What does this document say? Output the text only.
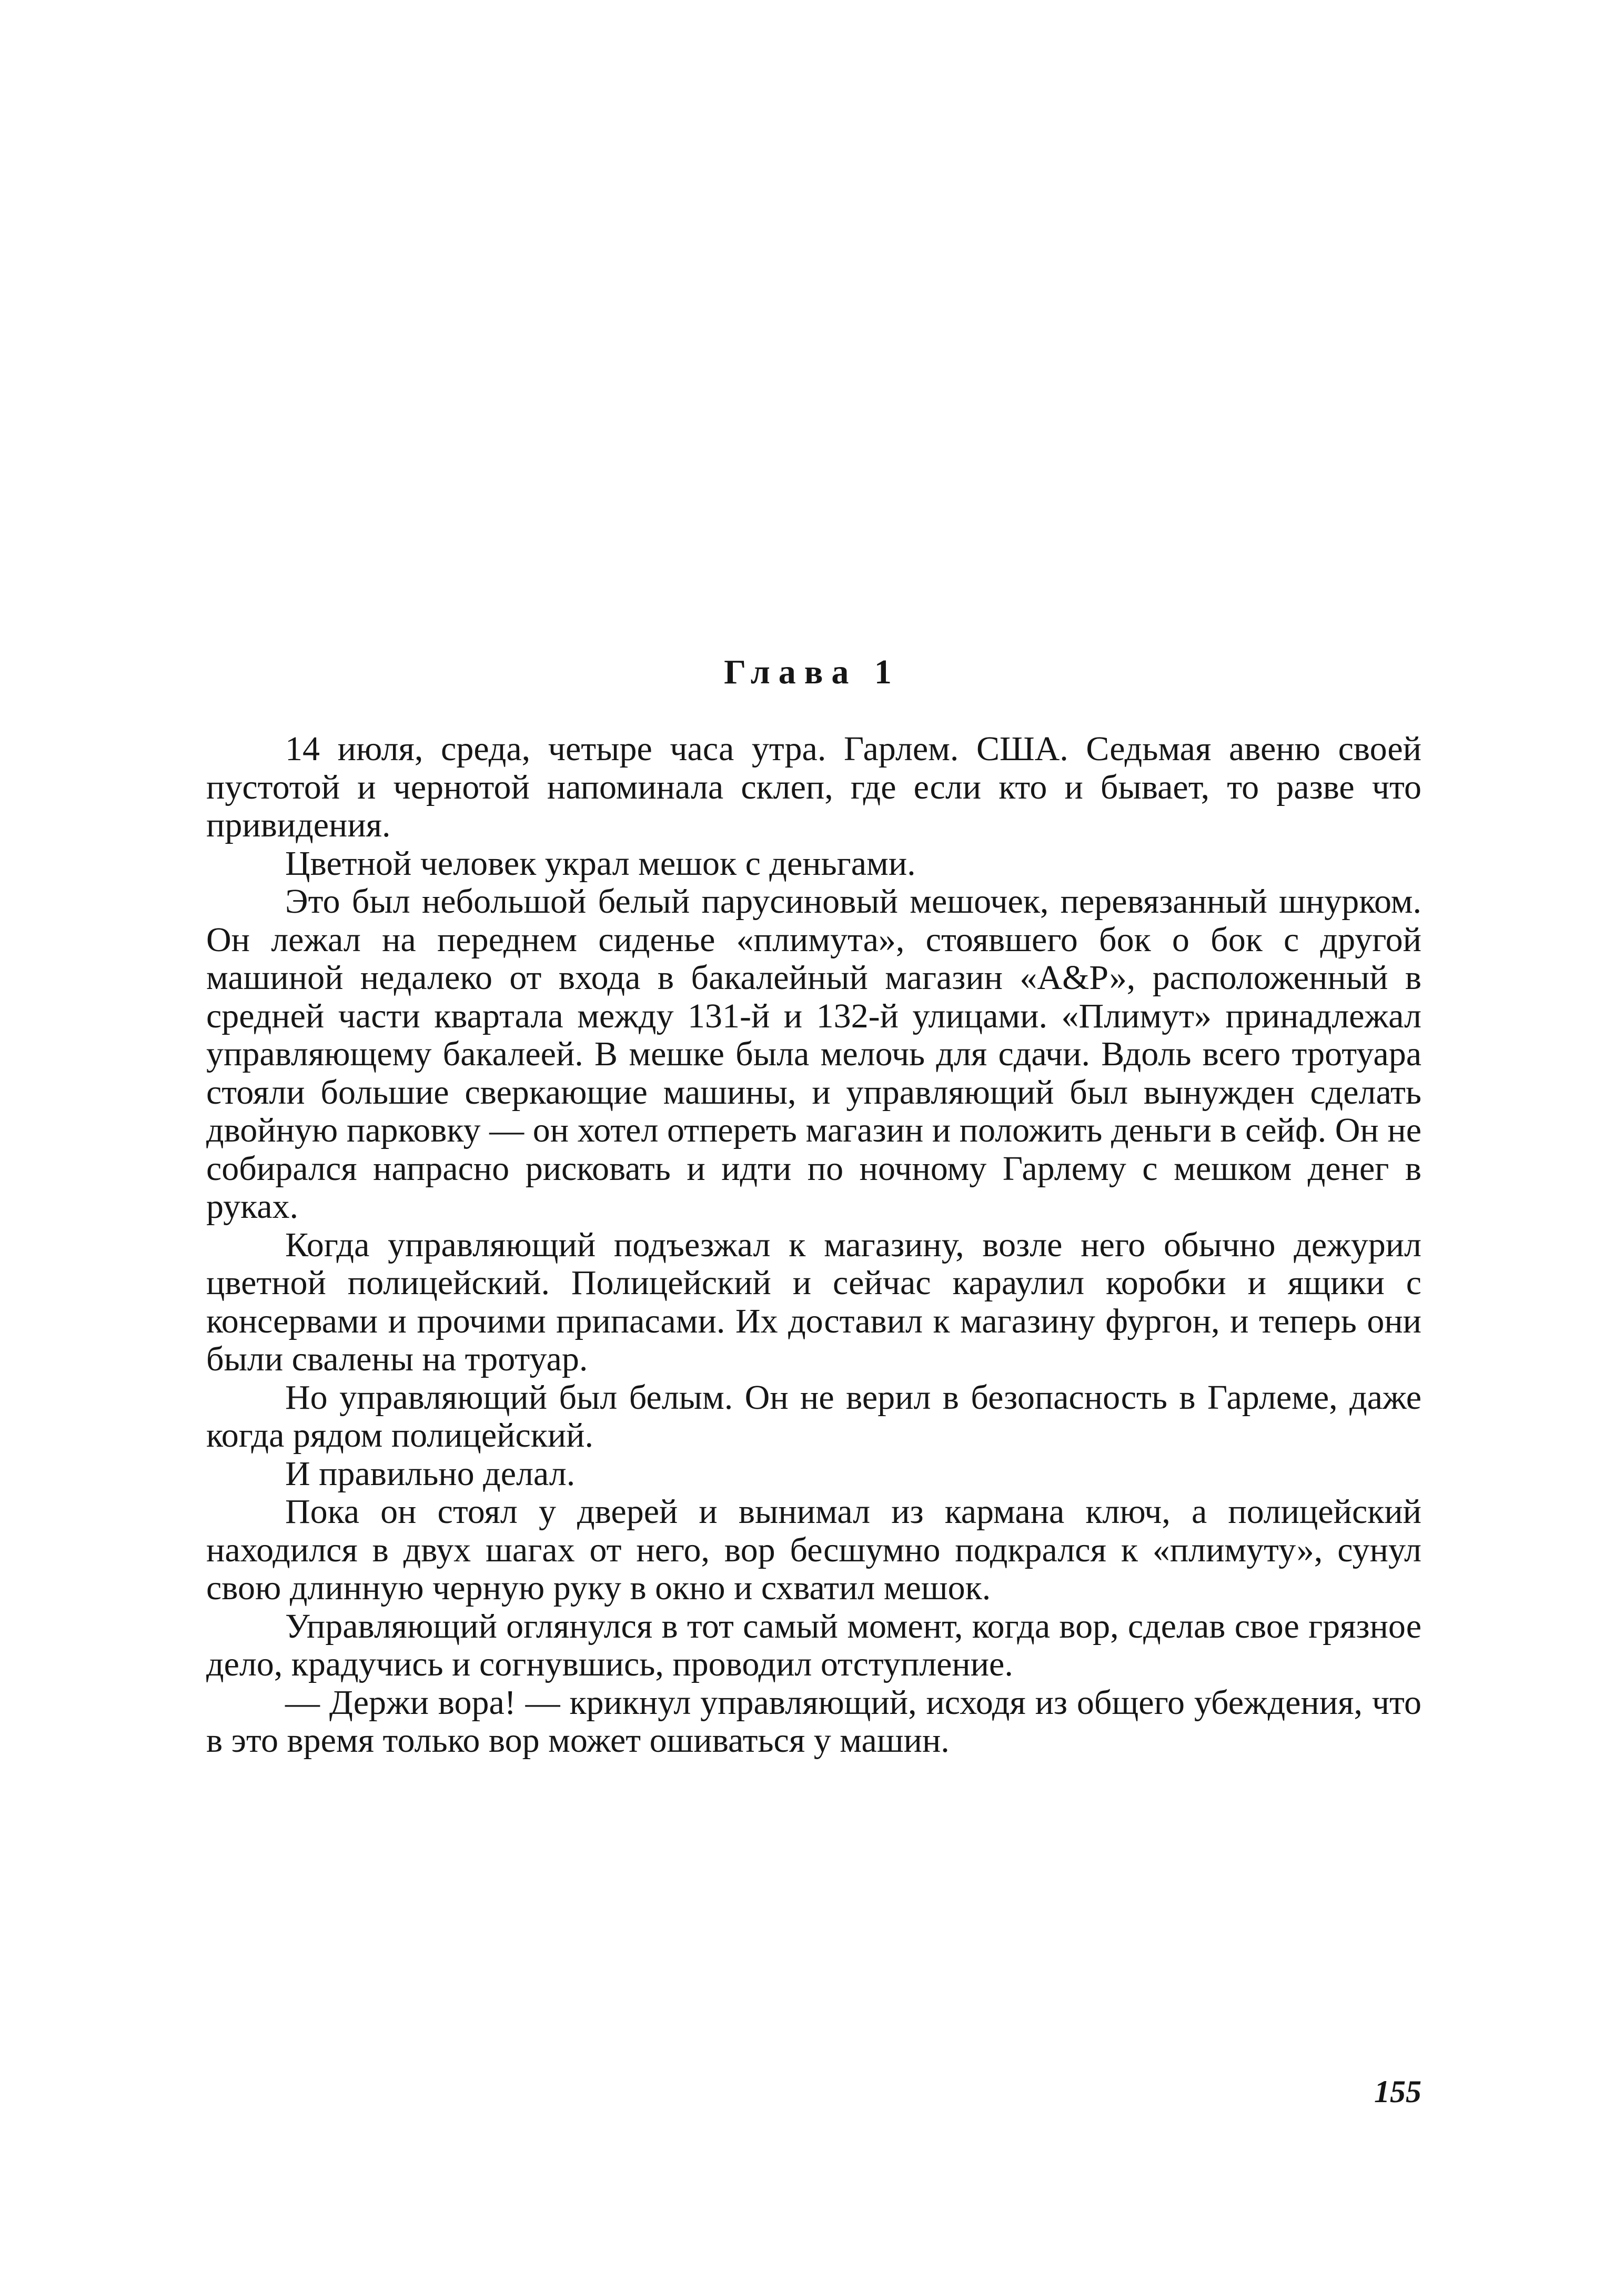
Глава 1

14 июля, среда, четыре часа утра. Гарлем. США. Седьмая авеню своей пустотой и чернотой напоминала склеп, где если кто и бывает, то разве что привидения.

Цветной человек украл мешок с деньгами.

Это был небольшой белый парусиновый мешочек, перевязанный шнурком. Он лежал на переднем сиденье «плимута», стоявшего бок о бок с другой машиной недалеко от входа в бакалейный магазин «А&Р», расположенный в средней части квартала между 131-й и 132-й улицами. «Плимут» принадлежал управляющему бакалеей. В мешке была мелочь для сдачи. Вдоль всего тротуара стояли большие сверкающие машины, и управляющий был вынужден сделать двойную парковку — он хотел отпереть магазин и положить деньги в сейф. Он не собирался напрасно рисковать и идти по ночному Гарлему с мешком денег в руках.

Когда управляющий подъезжал к магазину, возле него обычно дежурил цветной полицейский. Полицейский и сейчас караулил коробки и ящики с консервами и прочими припасами. Их доставил к магазину фургон, и теперь они были свалены на тротуар.

Но управляющий был белым. Он не верил в безопасность в Гарлеме, даже когда рядом полицейский.

И правильно делал.

Пока он стоял у дверей и вынимал из кармана ключ, а полицейский находился в двух шагах от него, вор бесшумно подкрался к «плимуту», сунул свою длинную черную руку в окно и схватил мешок.

Управляющий оглянулся в тот самый момент, когда вор, сделав свое грязное дело, крадучись и согнувшись, проводил отступление.

— Держи вора! — крикнул управляющий, исходя из общего убеждения, что в это время только вор может ошиваться у машин.

155
